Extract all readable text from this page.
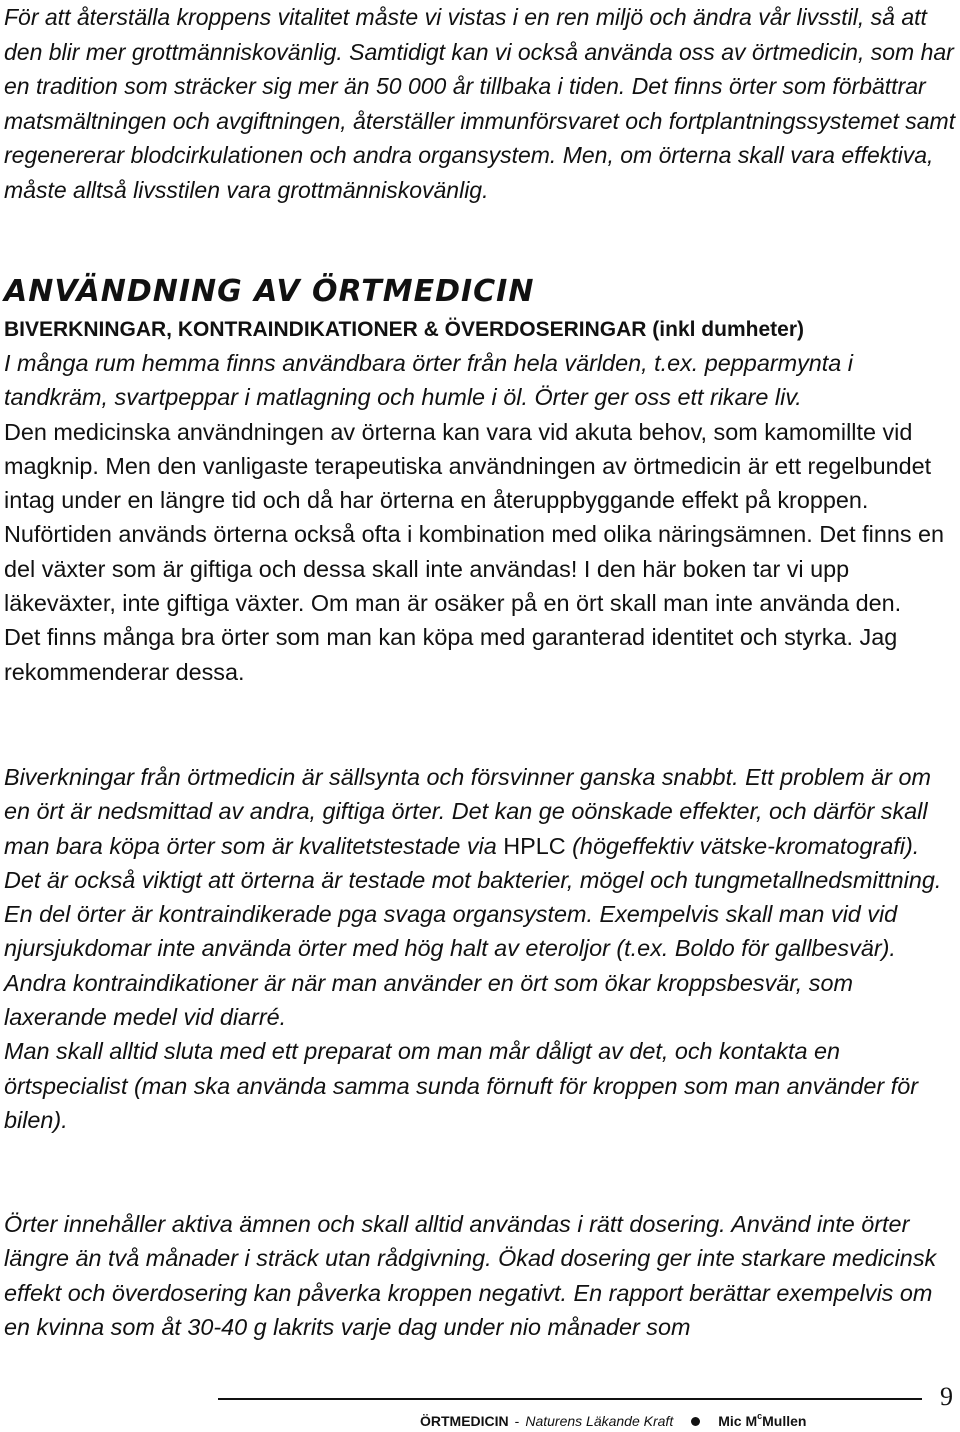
För att återställa kroppens vitalitet måste vi vistas i en ren miljö och ändra vår livsstil, så att den blir mer grottmänniskovänlig. Samtidigt kan vi också använda oss av örtmedicin, som har en tradition som sträcker sig mer än 50 000 år tillbaka i tiden. Det finns örter som förbättrar matsmältningen och avgiftningen, återställer immunförsvaret och fortplantningssystemet samt regenererar blodcirkulationen och andra organsystem. Men, om örterna skall vara effektiva, måste alltså livsstilen vara grottmänniskovänlig.

ANVÄNDNING AV ÖRTMEDICIN
BIVERKNINGAR, KONTRAINDIKATIONER & ÖVERDOSERINGAR (inkl dumheter)

I många rum hemma finns användbara örter från hela världen, t.ex. pepparmynta i tandkräm, svartpeppar i matlagning och humle i öl. Örter ger oss ett rikare liv.

Den medicinska användningen av örterna kan vara vid akuta behov, som kamomillte vid magknip. Men den vanligaste terapeutiska användningen av örtmedicin är ett regelbundet intag under en längre tid och då har örterna en återuppbyggande effekt på kroppen. Nuförtiden används örterna också ofta i kombination med olika näringsämnen. Det finns en del växter som är giftiga och dessa skall inte användas! I den här boken tar vi upp läkeväxter, inte giftiga växter. Om man är osäker på en ört skall man inte använda den.

Det finns många bra örter som man kan köpa med garanterad identitet och styrka. Jag rekommenderar dessa.

Biverkningar från örtmedicin är sällsynta och försvinner ganska snabbt. Ett problem är om en ört är nedsmittad av andra, giftiga örter. Det kan ge oönskade effekter, och därför skall man bara köpa örter som är kvalitetstestade via HPLC (högeffektiv vätske-kromatografi). Det är också viktigt att örterna är testade mot bakterier, mögel och tungmetallnedsmittning.

En del örter är kontraindikerade pga svaga organsystem. Exempelvis skall man vid vid njursjukdomar inte använda örter med hög halt av eteroljor (t.ex. Boldo för gallbesvär).

Andra kontraindikationer är när man använder en ört som ökar kroppsbesvär, som laxerande medel vid diarré.

Man skall alltid sluta med ett preparat om man mår dåligt av det, och kontakta en örtspecialist (man ska använda samma sunda förnuft för kroppen som man använder för bilen).

Örter innehåller aktiva ämnen och skall alltid användas i rätt dosering. Använd inte örter längre än två månader i sträck utan rådgivning. Ökad dosering ger inte starkare medicinsk effekt och överdosering kan påverka kroppen negativt. En rapport berättar exempelvis om en kvinna som åt 30-40 g lakrits varje dag under nio månader som

9
ÖRTMEDICIN - Naturens Läkande Kraft	Mic $M^cMullen$
